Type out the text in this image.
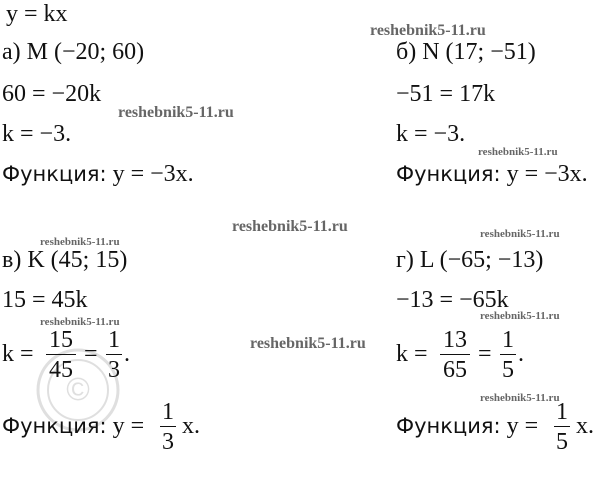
©
y = kx
reshebnik5-11.ru
reshebnik5-11.ru
reshebnik5-11.ru
reshebnik5-11.ru
reshebnik5-11.ru
reshebnik5-11.ru
reshebnik5-11.ru	reshebnik5-11.ru
reshebnik5-11.ru
reshebnik5-11.ru
а) M (−20; 60)
60 = −20k
k = −3.
Функция: y = −3x.
б) N (17; −51)
−51 = 17k
k = −3.
Функция: y = −3x.
в) K (45; 15)
15 = 45k
k =
15
45
=
1
3
.
Функция: y =
1
3
x.
г) L (−65; −13)
−13 = −65k
k =
13
65
=
1
5
.
Функция: y =
1
5
x.
